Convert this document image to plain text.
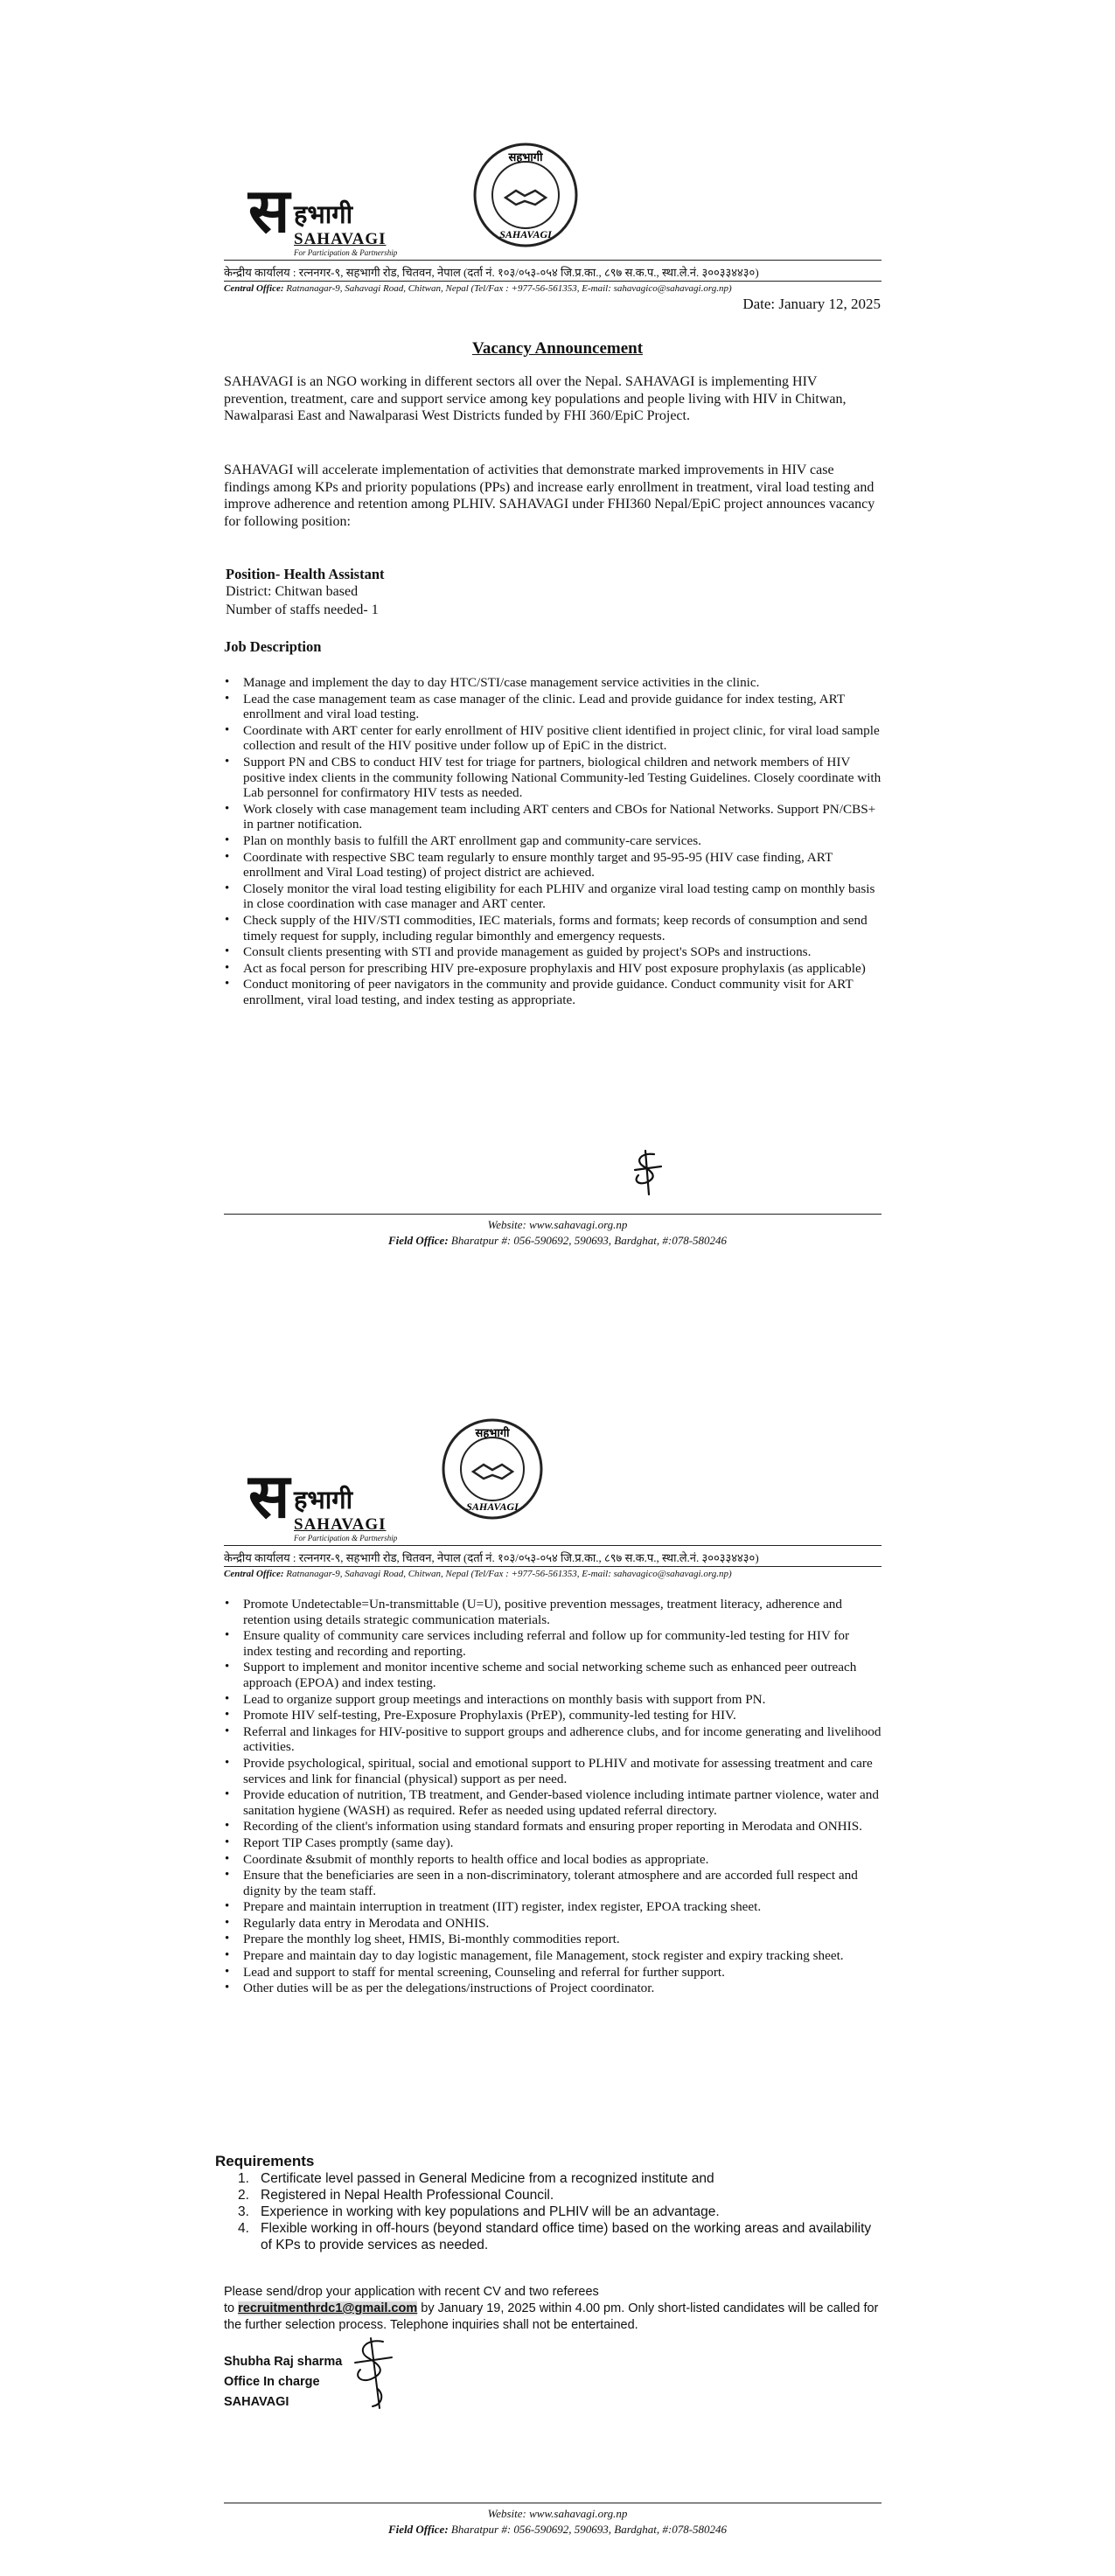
स हभागी
SAHAVAGI
For Participation & Partnership
सहभागी
SAHAVAGI
केन्द्रीय कार्यालय : रत्ननगर-९, सहभागी रोड, चितवन, नेपाल (दर्ता नं. १०३/०५३-०५४ जि.प्र.का., ८९७ स.क.प., स्था.ले.नं. ३००३३४४३०)
Central Office: Ratnanagar-9, Sahavagi Road, Chitwan, Nepal (Tel/Fax : +977-56-561353, E-mail: sahavagico@sahavagi.org.np)
Date: January 12, 2025
Vacancy Announcement

SAHAVAGI is an NGO working in different sectors all over the Nepal. SAHAVAGI is implementing HIV prevention, treatment, care and support service among key populations and people living with HIV in Chitwan, Nawalparasi East and Nawalparasi West Districts funded by FHI 360/EpiC Project.

SAHAVAGI will accelerate implementation of activities that demonstrate marked improvements in HIV case findings among KPs and priority populations (PPs) and increase early enrollment in treatment, viral load testing and improve adherence and retention among PLHIV. SAHAVAGI under FHI360 Nepal/EpiC project announces vacancy for following position:

Position- Health Assistant
District: Chitwan based
Number of staffs needed- 1
Job Description
• Manage and implement the day to day HTC/STI/case management service activities in the clinic.
• Lead the case management team as case manager of the clinic. Lead and provide guidance for index testing, ART enrollment and viral load testing.
• Coordinate with ART center for early enrollment of HIV positive client identified in project clinic, for viral load sample collection and result of the HIV positive under follow up of EpiC in the district.
• Support PN and CBS to conduct HIV test for triage for partners, biological children and network members of HIV positive index clients in the community following National Community-led Testing Guidelines. Closely coordinate with Lab personnel for confirmatory HIV tests as needed.
• Work closely with case management team including ART centers and CBOs for National Networks. Support PN/CBS+ in partner notification.
• Plan on monthly basis to fulfill the ART enrollment gap and community-care services.
• Coordinate with respective SBC team regularly to ensure monthly target and 95-95-95 (HIV case finding, ART enrollment and Viral Load testing) of project district are achieved.
• Closely monitor the viral load testing eligibility for each PLHIV and organize viral load testing camp on monthly basis in close coordination with case manager and ART center.
• Check supply of the HIV/STI commodities, IEC materials, forms and formats; keep records of consumption and send timely request for supply, including regular bimonthly and emergency requests.
• Consult clients presenting with STI and provide management as guided by project's SOPs and instructions.
• Act as focal person for prescribing HIV pre-exposure prophylaxis and HIV post exposure prophylaxis (as applicable)
• Conduct monitoring of peer navigators in the community and provide guidance. Conduct community visit for ART enrollment, viral load testing, and index testing as appropriate.
Website: www.sahavagi.org.np
Field Office: Bharatpur #: 056-590692, 590693, Bardghat, #:078-580246
स हभागी
SAHAVAGI
For Participation & Partnership
सहभागी
SAHAVAGI
केन्द्रीय कार्यालय : रत्ननगर-९, सहभागी रोड, चितवन, नेपाल (दर्ता नं. १०३/०५३-०५४ जि.प्र.का., ८९७ स.क.प., स्था.ले.नं. ३००३३४४३०)
Central Office: Ratnanagar-9, Sahavagi Road, Chitwan, Nepal (Tel/Fax : +977-56-561353, E-mail: sahavagico@sahavagi.org.np)
• Promote Undetectable=Un-transmittable (U=U), positive prevention messages, treatment literacy, adherence and retention using details strategic communication materials.
• Ensure quality of community care services including referral and follow up for community-led testing for HIV for index testing and recording and reporting.
• Support to implement and monitor incentive scheme and social networking scheme such as enhanced peer outreach approach (EPOA) and index testing.
• Lead to organize support group meetings and interactions on monthly basis with support from PN.
• Promote HIV self-testing, Pre-Exposure Prophylaxis (PrEP), community-led testing for HIV.
• Referral and linkages for HIV-positive to support groups and adherence clubs, and for income generating and livelihood activities.
• Provide psychological, spiritual, social and emotional support to PLHIV and motivate for assessing treatment and care services and link for financial (physical) support as per need.
• Provide education of nutrition, TB treatment, and Gender-based violence including intimate partner violence, water and sanitation hygiene (WASH) as required. Refer as needed using updated referral directory.
• Recording of the client's information using standard formats and ensuring proper reporting in Merodata and ONHIS.
• Report TIP Cases promptly (same day).
• Coordinate &submit of monthly reports to health office and local bodies as appropriate.
• Ensure that the beneficiaries are seen in a non-discriminatory, tolerant atmosphere and are accorded full respect and dignity by the team staff.
• Prepare and maintain interruption in treatment (IIT) register, index register, EPOA tracking sheet.
• Regularly data entry in Merodata and ONHIS.
• Prepare the monthly log sheet, HMIS, Bi-monthly commodities report.
• Prepare and maintain day to day logistic management, file Management, stock register and expiry tracking sheet.
• Lead and support to staff for mental screening, Counseling and referral for further support.
• Other duties will be as per the delegations/instructions of Project coordinator.
Requirements
1. Certificate level passed in General Medicine from a recognized institute and
2. Registered in Nepal Health Professional Council.
3. Experience in working with key populations and PLHIV will be an advantage.
4. Flexible working in off-hours (beyond standard office time) based on the working areas and availability of KPs to provide services as needed.
Please send/drop your application with recent CV and two referees
to recruitmenthrdc1@gmail.com by January 19, 2025 within 4.00 pm. Only short-listed candidates will be called for the further selection process. Telephone inquiries shall not be entertained.
Shubha Raj sharma
Office In charge
SAHAVAGI
Website: www.sahavagi.org.np
Field Office: Bharatpur #: 056-590692, 590693, Bardghat, #:078-580246
